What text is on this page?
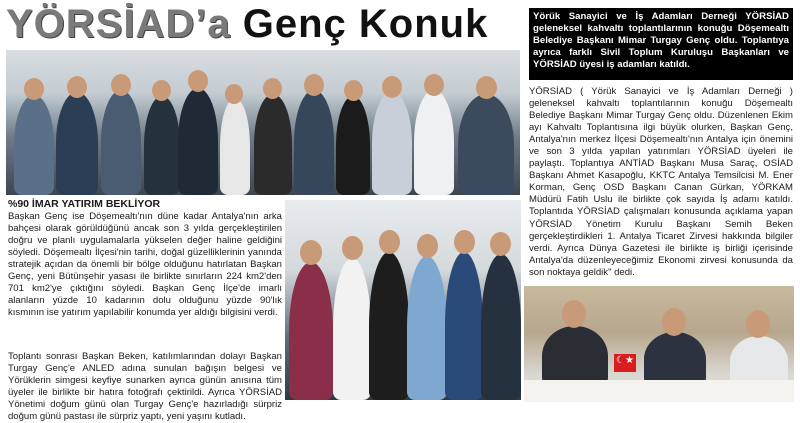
YÖRSİAD’a Genç Konuk	Yörük Sanayici ve İş Adamları Derneği YÖRSİAD geleneksel kahvaltı toplantılarının konuğu Döşemealtı Belediye Başkanı Mimar Turgay Genç oldu. Toplantıya ayrıca farklı Sivil Toplum Kuruluşu Başkanları ve YÖRSİAD üyesi iş adamları katıldı.
%90 İMAR YATIRIM BEKLİYOR
Başkan Genç ise Döşemealtı'nın düne kadar Antalya'nın arka bahçesi olarak görüldüğünü ancak son 3 yılda gerçekleştirilen doğru ve planlı uygulamalarla yükselen değer haline geldiğini söyledi. Döşemealtı İlçesi'nin tarihi, doğal güzelliklerinin yanında stratejik açıdan da önemli bir bölge olduğunu hatırlatan Başkan Genç, yeni Bütünşehir yasası ile birlikte sınırların 224 km2'den 701 km2'ye çıktığını söyledi. Başkan Genç İlçe'de imarlı alanların yüzde 10 kadarının dolu olduğunu yüzde 90'lık kısmının ise yatırım yapılabilir konumda yer aldığı bilgisini verdi.
Toplantı sonrası Başkan Beken, katılımlarından dolayı Başkan Turgay Genç'e ANLED adına sunulan bağışın belgesi ve Yörüklerin simgesi keyfiye sunarken ayrıca günün anısına tüm üyeler ile birlikte bir hatıra fotoğrafı çektirildi. Ayrıca YÖRSİAD Yönetimi doğum günü olan Turgay Genç'e hazırladığı sürpriz doğum günü pastası ile sürpriz yaptı, yeni yaşını kutladı.
YÖRSİAD ( Yörük Sanayici ve İş Adamları Derneği ) geleneksel kahvaltı toplantılarının konuğu Döşemealtı Belediye Başkanı Mimar Turgay Genç oldu. Düzenlenen Ekim ayı Kahvaltı Toplantısına ilgi büyük olurken, Başkan Genç, Antalya'nın merkez İlçesi Döşemealtı'nın Antalya için önemini ve son 3 yılda yapılan yatırımları YÖRSİAD üyeleri ile paylaştı. Toplantıya ANTİAD Başkanı Musa Saraç, OSİAD Başkanı Ahmet Kasapoğlu, KKTC Antalya Temsilcisi M. Ener Korman, Genç OSD Başkanı Canan Gürkan, YÖRKAM Müdürü Fatih Uslu ile birlikte çok sayıda İş adamı katıldı. Toplantıda YÖRSİAD çalışmaları konusunda açıklama yapan YÖRSİAD Yönetim Kurulu Başkanı Semih Beken gerçekleştirdikleri 1. Antalya Ticaret Zirvesi hakkında bilgiler verdi. Ayrıca Dünya Gazetesi ile birlikte iş birliği içerisinde Antalya'da düzenleyeceğimiz Ekonomi zirvesi konusunda da son noktaya geldik" dedi.
☾★
